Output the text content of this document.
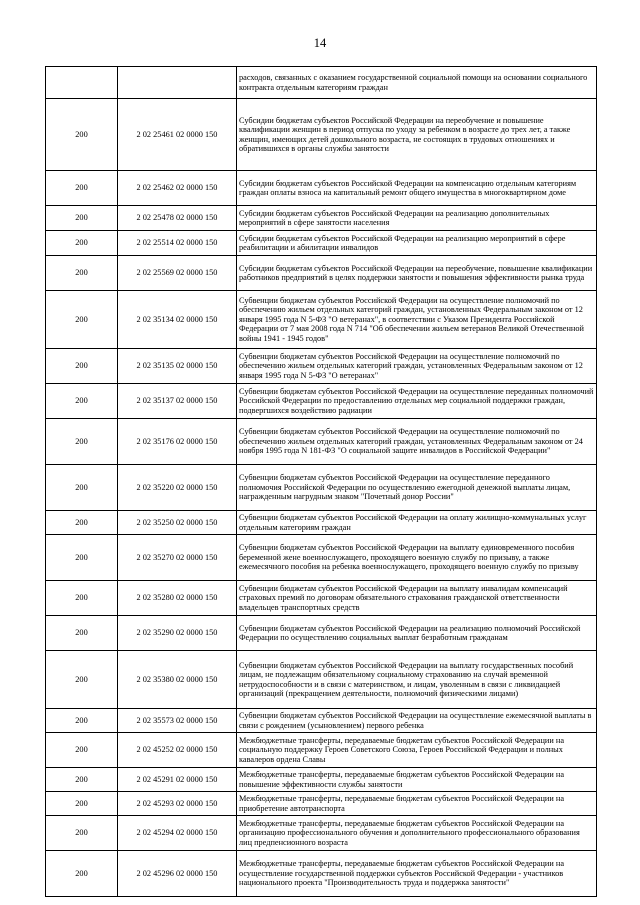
14
		расходов, связанных с оказанием государственной социальной помощи на основании социального контракта отдельным категориям граждан
200	2 02 25461 02 0000 150	Субсидии бюджетам субъектов Российской Федерации на переобучение и повышение квалификации женщин в период отпуска по уходу за ребенком в возрасте до трех лет, а также женщин, имеющих детей дошкольного возраста, не состоящих в трудовых отношениях и обратившихся в органы службы занятости
200	2 02 25462 02 0000 150	Субсидии бюджетам субъектов Российской Федерации на компенсацию отдельным категориям граждан оплаты взноса на капитальный ремонт общего имущества в многоквартирном доме
200	2 02 25478 02 0000 150	Субсидии бюджетам субъектов Российской Федерации на реализацию дополнительных мероприятий в сфере занятости населения
200	2 02 25514 02 0000 150	Субсидии бюджетам субъектов Российской Федерации на реализацию мероприятий в сфере реабилитации и абилитации инвалидов
200	2 02 25569 02 0000 150	Субсидии бюджетам субъектов Российской Федерации на переобучение, повышение квалификации работников предприятий в целях поддержки занятости и повышения эффективности рынка труда
200	2 02 35134 02 0000 150	Субвенции бюджетам субъектов Российской Федерации на осуществление полномочий по обеспечению жильем отдельных категорий граждан, установленных Федеральным законом от 12 января 1995 года N 5-ФЗ "О ветеранах", в соответствии с Указом Президента Российской Федерации от 7 мая 2008 года N 714 "Об обеспечении жильем ветеранов Великой Отечественной войны 1941 - 1945 годов"
200	2 02 35135 02 0000 150	Субвенции бюджетам субъектов Российской Федерации на осуществление полномочий по обеспечению жильем отдельных категорий граждан, установленных Федеральным законом от 12 января 1995 года N 5-ФЗ "О ветеранах"
200	2 02 35137 02 0000 150	Субвенции бюджетам субъектов Российской Федерации на осуществление переданных полномочий Российской Федерации по предоставлению отдельных мер социальной поддержки граждан, подвергшихся воздействию радиации
200	2 02 35176 02 0000 150	Субвенции бюджетам субъектов Российской Федерации на осуществление полномочий по обеспечению жильем отдельных категорий граждан, установленных Федеральным законом от 24 ноября 1995 года N 181-ФЗ "О социальной защите инвалидов в Российской Федерации"
200	2 02 35220 02 0000 150	Субвенции бюджетам субъектов Российской Федерации на осуществление переданного полномочия Российской Федерации по осуществлению ежегодной денежной выплаты лицам, награжденным нагрудным знаком "Почетный донор России"
200	2 02 35250 02 0000 150	Субвенции бюджетам субъектов Российской Федерации на оплату жилищно-коммунальных услуг отдельным категориям граждан
200	2 02 35270 02 0000 150	Субвенции бюджетам субъектов Российской Федерации на выплату единовременного пособия беременной жене военнослужащего, проходящего военную службу по призыву, а также ежемесячного пособия на ребенка военнослужащего, проходящего военную службу по призыву
200	2 02 35280 02 0000 150	Субвенции бюджетам субъектов Российской Федерации на выплату инвалидам компенсаций страховых премий по договорам обязательного страхования гражданской ответственности владельцев транспортных средств
200	2 02 35290 02 0000 150	Субвенции бюджетам субъектов Российской Федерации на реализацию полномочий Российской Федерации по осуществлению социальных выплат безработным гражданам
200	2 02 35380 02 0000 150	Субвенции бюджетам субъектов Российской Федерации на выплату государственных пособий лицам, не подлежащим обязательному социальному страхованию на случай временной нетрудоспособности и в связи с материнством, и лицам, уволенным в связи с ликвидацией организаций (прекращением деятельности, полномочий физическими лицами)
200	2 02 35573 02 0000 150	Субвенции бюджетам субъектов Российской Федерации на осуществление ежемесячной выплаты в связи с рождением (усыновлением) первого ребенка
200	2 02 45252 02 0000 150	Межбюджетные трансферты, передаваемые бюджетам субъектов Российской Федерации на социальную поддержку Героев Советского Союза, Героев Российской Федерации и полных кавалеров ордена Славы
200	2 02 45291 02 0000 150	Межбюджетные трансферты, передаваемые бюджетам субъектов Российской Федерации на повышение эффективности службы занятости
200	2 02 45293 02 0000 150	Межбюджетные трансферты, передаваемые бюджетам субъектов Российской Федерации на приобретение автотранспорта
200	2 02 45294 02 0000 150	Межбюджетные трансферты, передаваемые бюджетам субъектов Российской Федерации на организацию профессионального обучения и дополнительного профессионального образования лиц предпенсионного возраста
200	2 02 45296 02 0000 150	Межбюджетные трансферты, передаваемые бюджетам субъектов Российской Федерации на осуществление государственной поддержки субъектов Российской Федерации - участников национального проекта "Производительность труда и поддержка занятости"
